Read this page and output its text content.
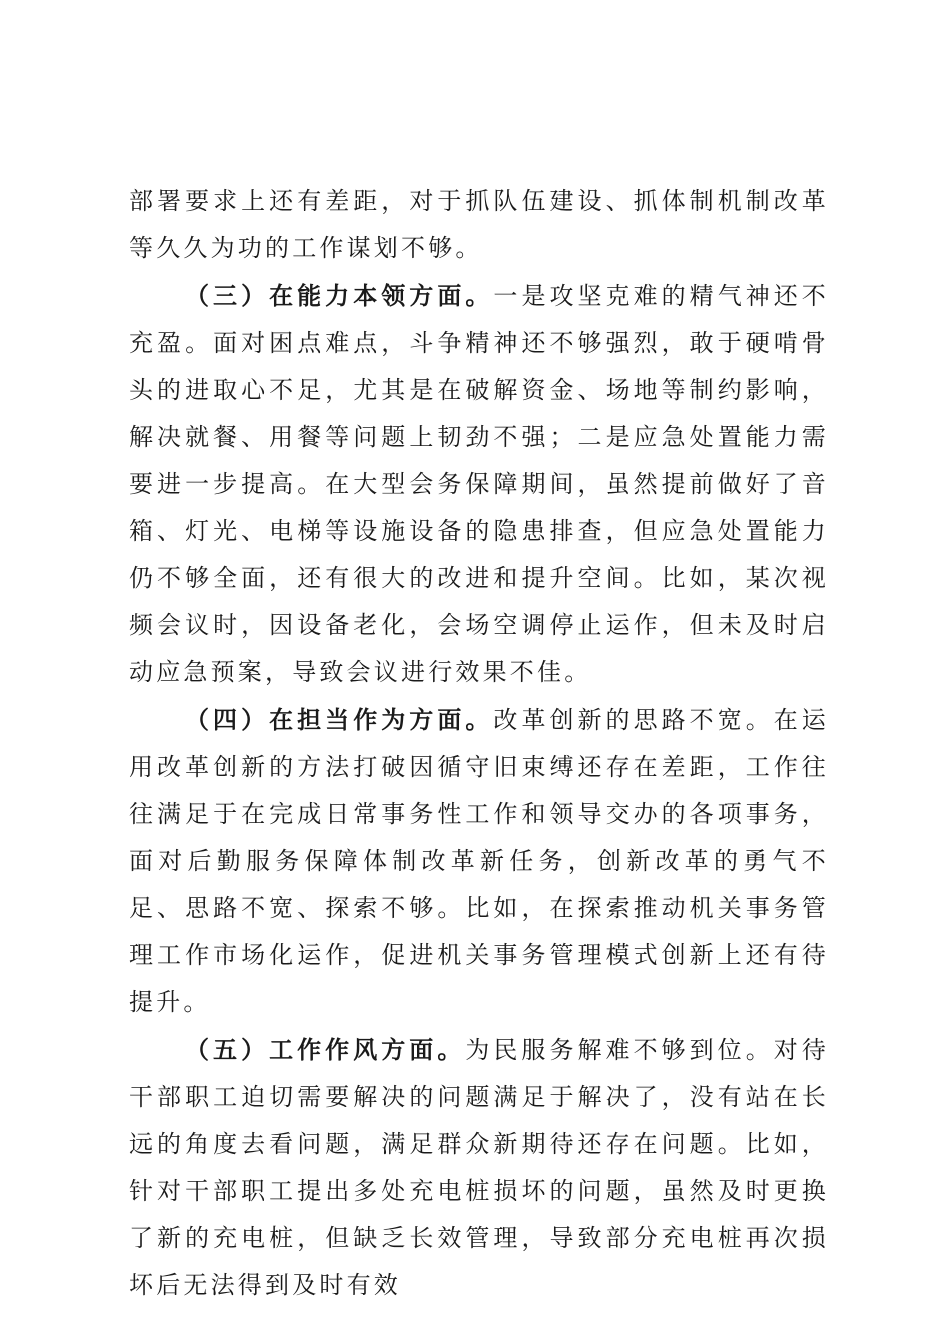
部署要求上还有差距，对于抓队伍建设、抓体制机制改革等久久为功的工作谋划不够。

（三）在能力本领方面。一是攻坚克难的精气神还不充盈。面对困点难点，斗争精神还不够强烈，敢于硬啃骨头的进取心不足，尤其是在破解资金、场地等制约影响，解决就餐、用餐等问题上韧劲不强；二是应急处置能力需要进一步提高。在大型会务保障期间，虽然提前做好了音箱、灯光、电梯等设施设备的隐患排查，但应急处置能力仍不够全面，还有很大的改进和提升空间。比如，某次视频会议时，因设备老化，会场空调停止运作，但未及时启动应急预案，导致会议进行效果不佳。

（四）在担当作为方面。改革创新的思路不宽。在运用改革创新的方法打破因循守旧束缚还存在差距，工作往往满足于在完成日常事务性工作和领导交办的各项事务，面对后勤服务保障体制改革新任务，创新改革的勇气不足、思路不宽、探索不够。比如，在探索推动机关事务管理工作市场化运作，促进机关事务管理模式创新上还有待提升。

（五）工作作风方面。为民服务解难不够到位。对待干部职工迫切需要解决的问题满足于解决了，没有站在长远的角度去看问题，满足群众新期待还存在问题。比如，针对干部职工提出多处充电桩损坏的问题，虽然及时更换了新的充电桩，但缺乏长效管理，导致部分充电桩再次损坏后无法得到及时有效
